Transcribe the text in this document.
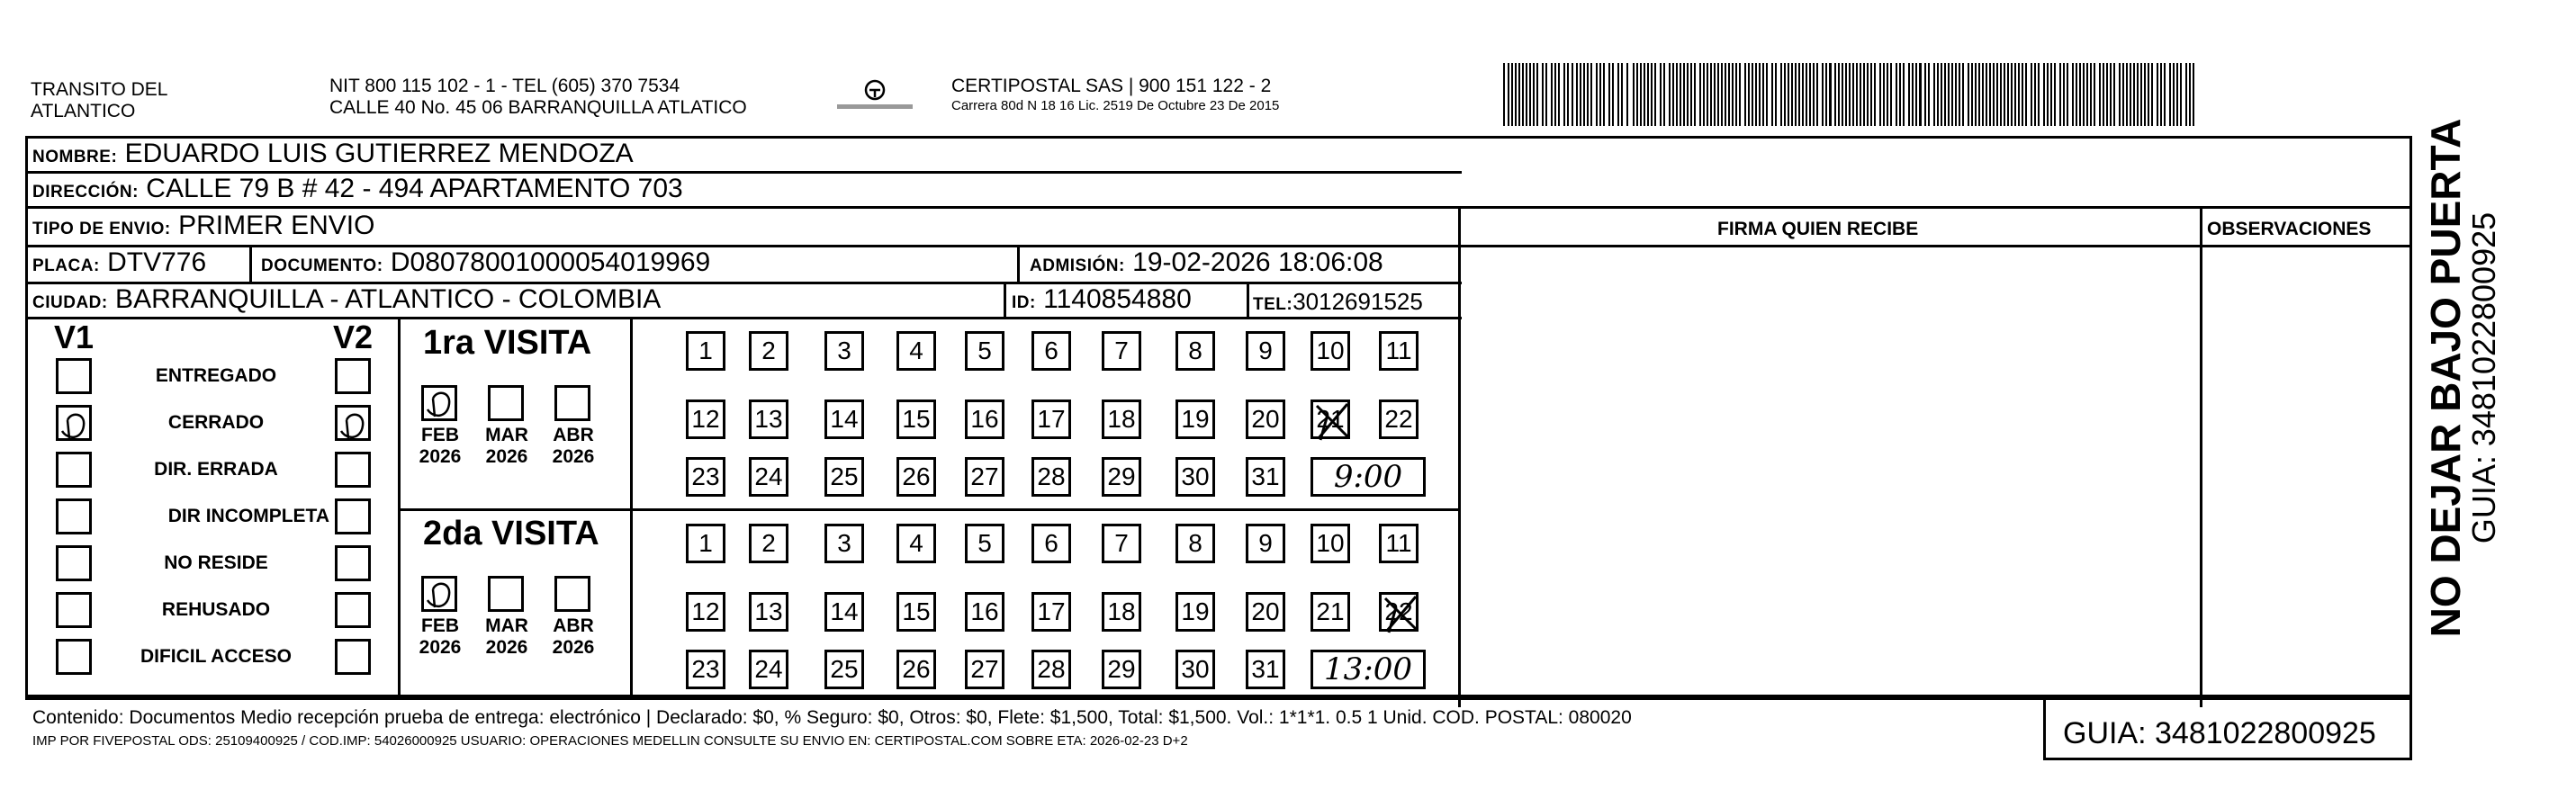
TRANSITO DEL
ATLANTICO
NIT 800 115 102 - 1 - TEL (605) 370 7534
CALLE 40 No. 45 06 BARRANQUILLA ATLATICO
CERTIPOSTAL SAS | 900 151 122 - 2
Carrera 80d N 18 16 Lic. 2519 De Octubre 23 De 2015
NOMBRE: EDUARDO LUIS GUTIERREZ MENDOZA
DIRECCIÓN: CALLE 79 B # 42 - 494 APARTAMENTO 703
TIPO DE ENVIO: PRIMER ENVIO	FIRMA QUIEN RECIBE	OBSERVACIONES
PLACA: DTV776	DOCUMENTO: D08078001000054019969	ADMISIÓN: 19-02-2026 18:06:08
CIUDAD: BARRANQUILLA - ATLANTICO - COLOMBIA	ID: 1140854880	TEL:3012691525
V1	V2
ENTREGADO
CERRADO
DIR. ERRADA
DIR INCOMPLETA
NO RESIDE
REHUSADO
DIFICIL ACCESO
1ra VISITA
FEB
2026
MAR
2026
ABR
2026
1	2	3	4	5	6	7	8	9	10 11
12 13 14 15 16 17 18 19 20 21 22
23 24 25 26 27 28 29 30 31	9:00
2da VISITA
FEB
2026
MAR
2026
ABR
2026
1	2	3	4	5	6	7	8	9	10 11
12 13 14 15 16 17 18 19 20 21 22
23 24 25 26 27 28 29 30 31	13:00
Contenido: Documentos Medio recepción prueba de entrega: electrónico | Declarado: $0, % Seguro: $0, Otros: $0, Flete: $1,500, Total: $1,500. Vol.: 1*1*1. 0.5 1 Unid. COD. POSTAL: 080020
IMP POR FIVEPOSTAL ODS: 25109400925 / COD.IMP: 54026000925 USUARIO: OPERACIONES MEDELLIN CONSULTE SU ENVIO EN: CERTIPOSTAL.COM SOBRE ETA: 2026-02-23 D+2	GUIA: 3481022800925
NO DEJAR BAJO PUERTA
GUIA: 3481022800925
